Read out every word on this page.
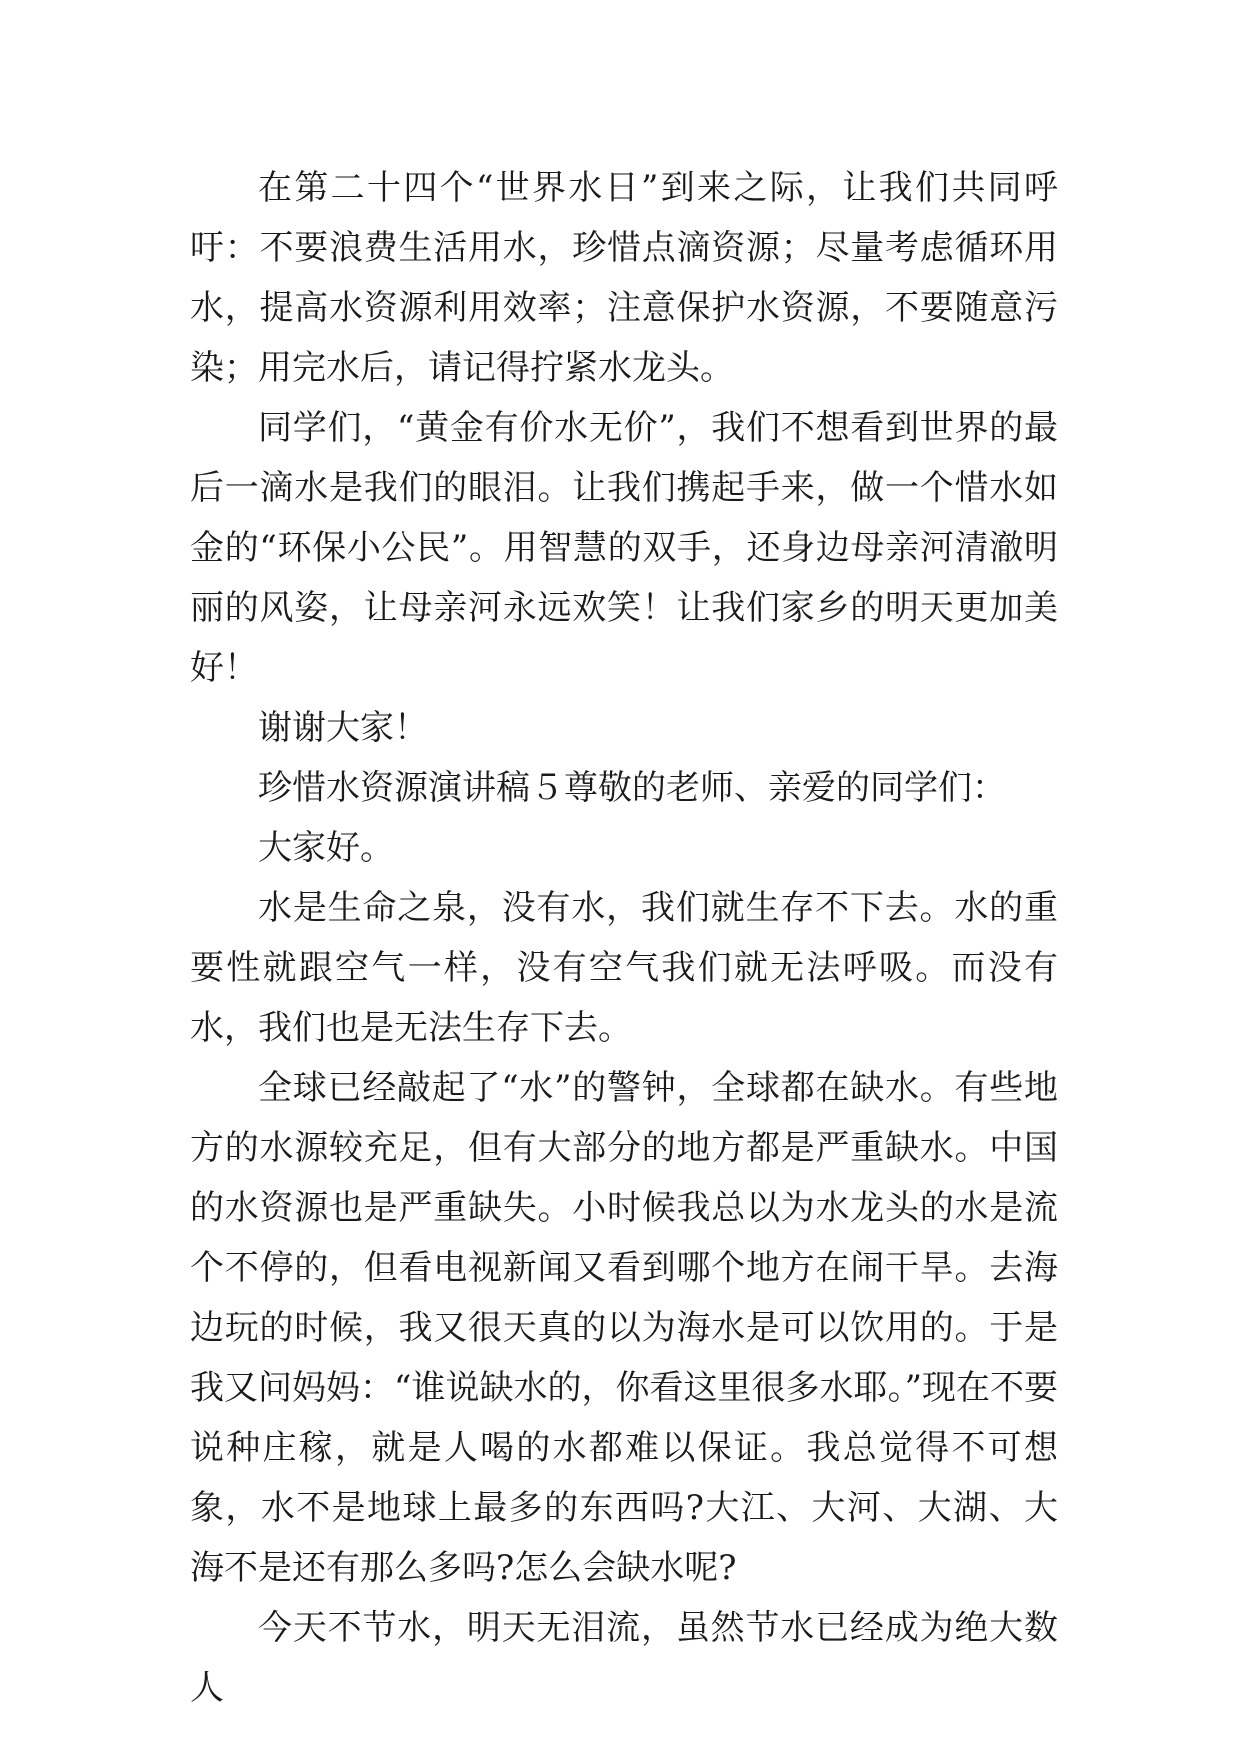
在第二十四个“世界水日”到来之际，让我们共同呼吁：不要浪费生活用水，珍惜点滴资源；尽量考虑循环用水，提高水资源利用效率；注意保护水资源，不要随意污染；用完水后，请记得拧紧水龙头。

同学们，“黄金有价水无价”，我们不想看到世界的最后一滴水是我们的眼泪。让我们携起手来，做一个惜水如金的“环保小公民”。用智慧的双手，还身边母亲河清澈明丽的风姿，让母亲河永远欢笑！让我们家乡的明天更加美好！

谢谢大家！

珍惜水资源演讲稿５尊敬的老师、亲爱的同学们：

大家好。

水是生命之泉，没有水，我们就生存不下去。水的重要性就跟空气一样，没有空气我们就无法呼吸。而没有水，我们也是无法生存下去。

全球已经敲起了“水”的警钟，全球都在缺水。有些地方的水源较充足，但有大部分的地方都是严重缺水。中国的水资源也是严重缺失。小时候我总以为水龙头的水是流个不停的，但看电视新闻又看到哪个地方在闹干旱。去海边玩的时候，我又很天真的以为海水是可以饮用的。于是我又问妈妈：“谁说缺水的，你看这里很多水耶。”现在不要说种庄稼，就是人喝的水都难以保证。我总觉得不可想象，水不是地球上最多的东西吗?大江、大河、大湖、大海不是还有那么多吗?怎么会缺水呢?

今天不节水，明天无泪流，虽然节水已经成为绝大数人
